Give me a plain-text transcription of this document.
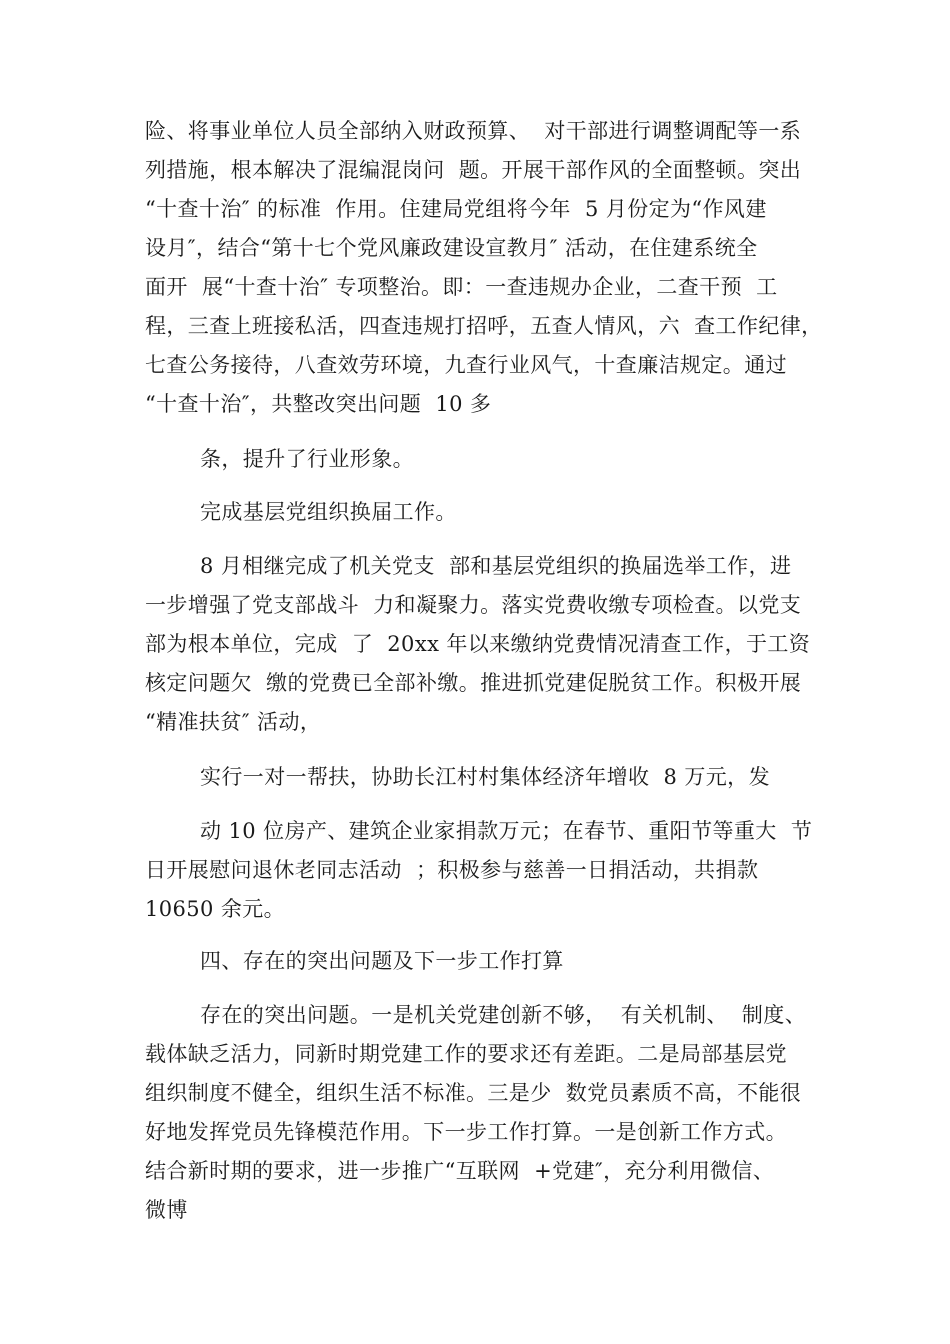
险、将事业单位人员全部纳入财政预算、  对干部进行调整调配等一系
列措施，根本解决了混编混岗问  题。开展干部作风的全面整顿。突出
“十查十治″ 的标准  作用。住建局党组将今年  5 月份定为“作风建
设月″，结合“第十七个党风廉政建设宣教月″ 活动，在住建系统全
面开  展“十查十治″ 专项整治。即：一查违规办企业，二查干预  工
程，三查上班接私活，四查违规打招呼，五查人情风，六  查工作纪律，
七查公务接待，八查效劳环境，九查行业风气，十查廉洁规定。通过
“十查十治″，共整改突出问题  10 多
条，提升了行业形象。
完成基层党组织换届工作。
8 月相继完成了机关党支  部和基层党组织的换届选举工作，进
一步增强了党支部战斗  力和凝聚力。落实党费收缴专项检查。以党支
部为根本单位，完成  了  20xx 年以来缴纳党费情况清查工作，于工资
核定问题欠  缴的党费已全部补缴。推进抓党建促脱贫工作。积极开展
“精准扶贫″ 活动，
实行一对一帮扶，协助长江村村集体经济年增收  8 万元，发
动 10 位房产、建筑企业家捐款万元；在春节、重阳节等重大  节
日开展慰问退休老同志活动  ；积极参与慈善一日捐活动，共捐款
10650 余元。
四、存在的突出问题及下一步工作打算
存在的突出问题。一是机关党建创新不够，  有关机制、  制度、
载体缺乏活力，同新时期党建工作的要求还有差距。二是局部基层党
组织制度不健全，组织生活不标准。三是少  数党员素质不高，不能很
好地发挥党员先锋模范作用。下一步工作打算。一是创新工作方式。
结合新时期的要求，进一步推广“互联网  +党建″，充分利用微信、
微博
